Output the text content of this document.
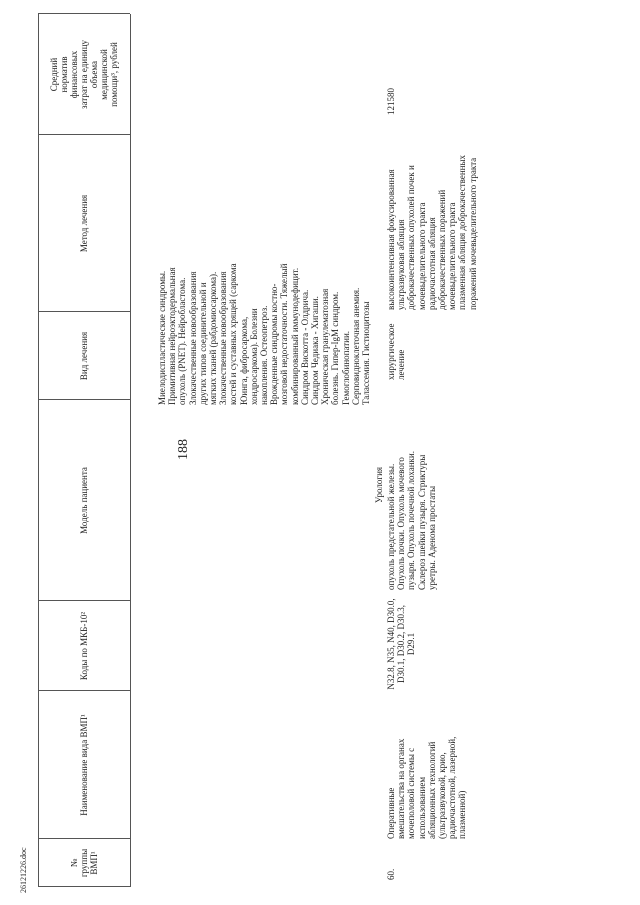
188
26121226.doc	№ группы ВМП¹
Наименование вида ВМП¹
Коды по МКБ-10²
Модель пациента
Вид лечения
Метод лечения
Средний норматив финансовых затрат на единицу объема медицинской помощи³, рублей
Миелодиспластические синдромы. Примитивная нейроэктодермальная опухоль (PNET). Нейробластома. Злокачественные новообразования других типов соединительной и мягких тканей (рабдомиосаркома). Злокачественные новообразования костей и суставных хрящей (саркома Юинга, фибросаркома, хондросаркома). Болезни накопления. Остеопетроз. Врожденные синдромы костно- мозговой недостаточности. Тяжелый комбинированный иммунодефицит. Синдром Вискотта - Олдрича. Синдром Чедиака - Хигаши. Хроническая гранулематозная болезнь. Гипер-IgM синдром. Гемоглобинопатии. Серповидноклеточная анемия. Талассемия. Гистиоцитозы
Урология
60.
Оперативные вмешательства на органах мочеполовой системы с использованием абляционных технологий (ультразвуковой, крио, радиочастотной, лазерной, плазменной)
N32.8, N35, N40, D30.0, D30.1, D30.2, D30.3, D29.1
опухоль предстательной железы. Опухоль почки. Опухоль мочевого пузыря. Опухоль почечной лоханки. Склероз шейки пузыря. Стриктуры уретры. Аденома простаты
хирургическое лечение
высокоинтенсивная фокусированная ультразвуковая абляция доброкачественных опухолей почек и мочевыделительного тракта радиочастотная абляция доброкачественных поражений мочевыделительного тракта плазменная абляция доброкачественных поражений мочевыделительного тракта
121580
